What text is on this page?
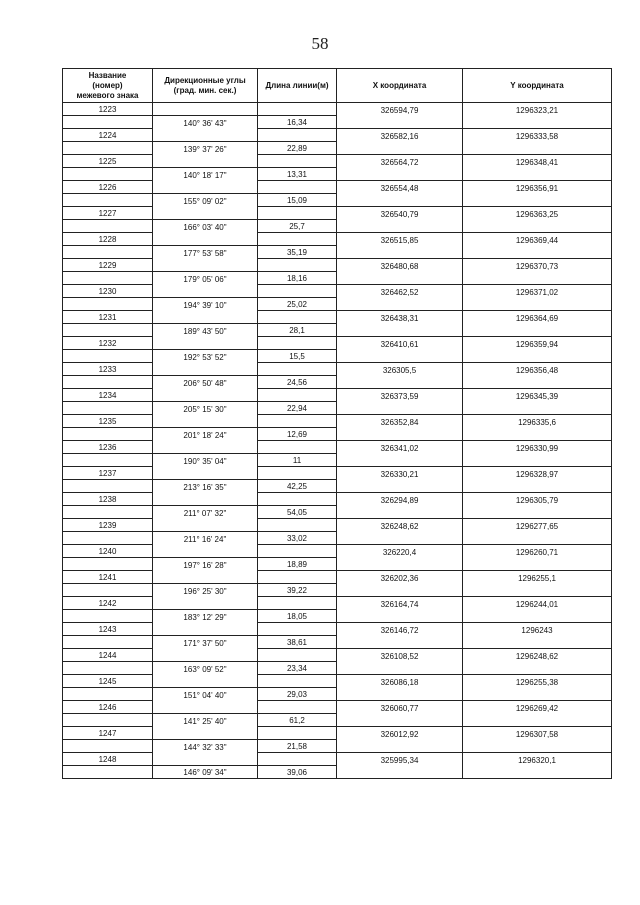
58
Название
(номер)
межевого знака	Дирекционные углы
(град. мин. сек.)	Длина линии(м)	X координата	Y координата
1223			326594,79	1296323,21
	140° 36' 43"	16,34		
1224			326582,16	1296333,58
	139° 37' 26"	22,89		
1225			326564,72	1296348,41
	140° 18' 17"	13,31		
1226			326554,48	1296356,91
	155° 09' 02"	15,09		
1227			326540,79	1296363,25
	166° 03' 40"	25,7		
1228			326515,85	1296369,44
	177° 53' 58"	35,19		
1229			326480,68	1296370,73
	179° 05' 06"	18,16		
1230			326462,52	1296371,02
	194° 39' 10"	25,02		
1231			326438,31	1296364,69
	189° 43' 50"	28,1		
1232			326410,61	1296359,94
	192° 53' 52"	15,5		
1233			326305,5	1296356,48
	206° 50' 48"	24,56		
1234			326373,59	1296345,39
	205° 15' 30"	22,94		
1235			326352,84	1296335,6
	201° 18' 24"	12,69		
1236			326341,02	1296330,99
	190° 35' 04"	11		
1237			326330,21	1296328,97
	213° 16' 35"	42,25		
1238			326294,89	1296305,79
	211° 07' 32"	54,05		
1239			326248,62	1296277,65
	211° 16' 24"	33,02		
1240			326220,4	1296260,71
	197° 16' 28"	18,89		
1241			326202,36	1296255,1
	196° 25' 30"	39,22		
1242			326164,74	1296244,01
	183° 12' 29"	18,05		
1243			326146,72	1296243
	171° 37' 50"	38,61		
1244			326108,52	1296248,62
	163° 09' 52"	23,34		
1245			326086,18	1296255,38
	151° 04' 40"	29,03		
1246			326060,77	1296269,42
	141° 25' 40"	61,2		
1247			326012,92	1296307,58
	144° 32' 33"	21,58		
1248			325995,34	1296320,1
	146° 09' 34"	39,06		
